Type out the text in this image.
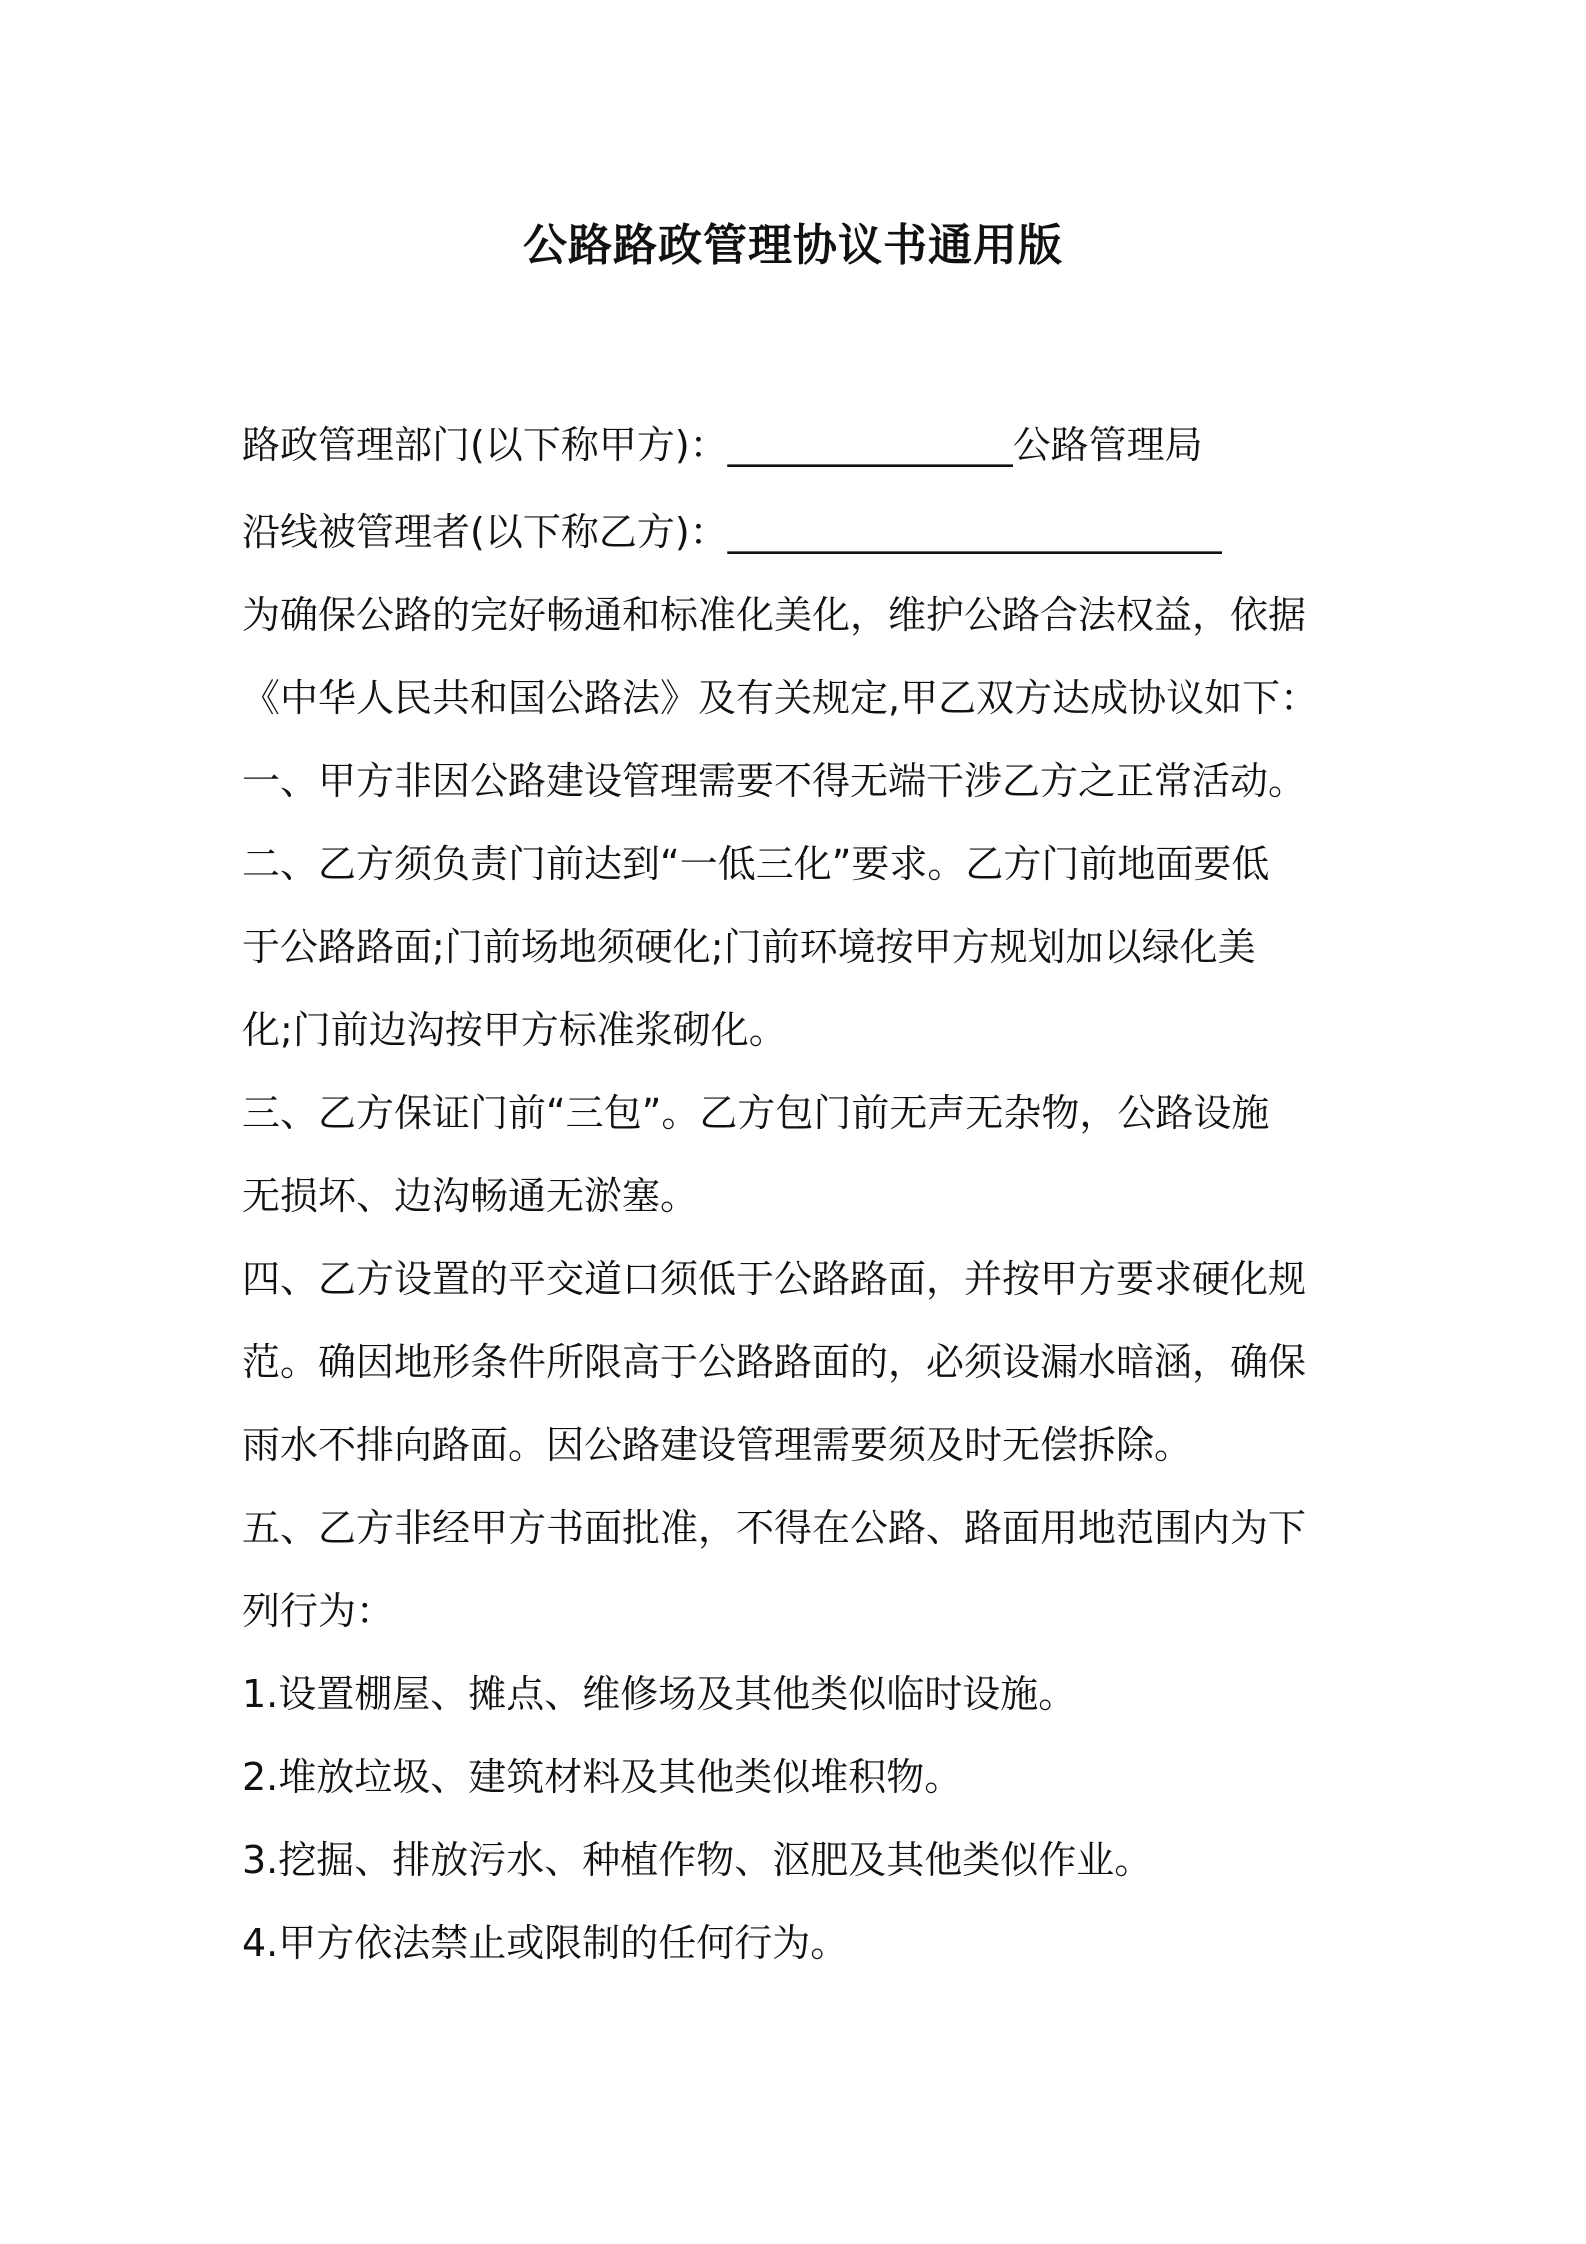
公路路政管理协议书通用版
路政管理部门(以下称甲方)：_______________公路管理局
沿线被管理者(以下称乙方)：__________________________
为确保公路的完好畅通和标准化美化，维护公路合法权益，依据
《中华人民共和国公路法》及有关规定,甲乙双方达成协议如下：
一、甲方非因公路建设管理需要不得无端干涉乙方之正常活动。
二、乙方须负责门前达到“一低三化”要求。乙方门前地面要低
于公路路面;门前场地须硬化;门前环境按甲方规划加以绿化美
化;门前边沟按甲方标准浆砌化。
三、乙方保证门前“三包”。乙方包门前无声无杂物，公路设施
无损坏、边沟畅通无淤塞。
四、乙方设置的平交道口须低于公路路面，并按甲方要求硬化规
范。确因地形条件所限高于公路路面的，必须设漏水暗涵，确保
雨水不排向路面。因公路建设管理需要须及时无偿拆除。
五、乙方非经甲方书面批准，不得在公路、路面用地范围内为下
列行为：
1.设置棚屋、摊点、维修场及其他类似临时设施。
2.堆放垃圾、建筑材料及其他类似堆积物。
3.挖掘、排放污水、种植作物、沤肥及其他类似作业。
4.甲方依法禁止或限制的任何行为。
